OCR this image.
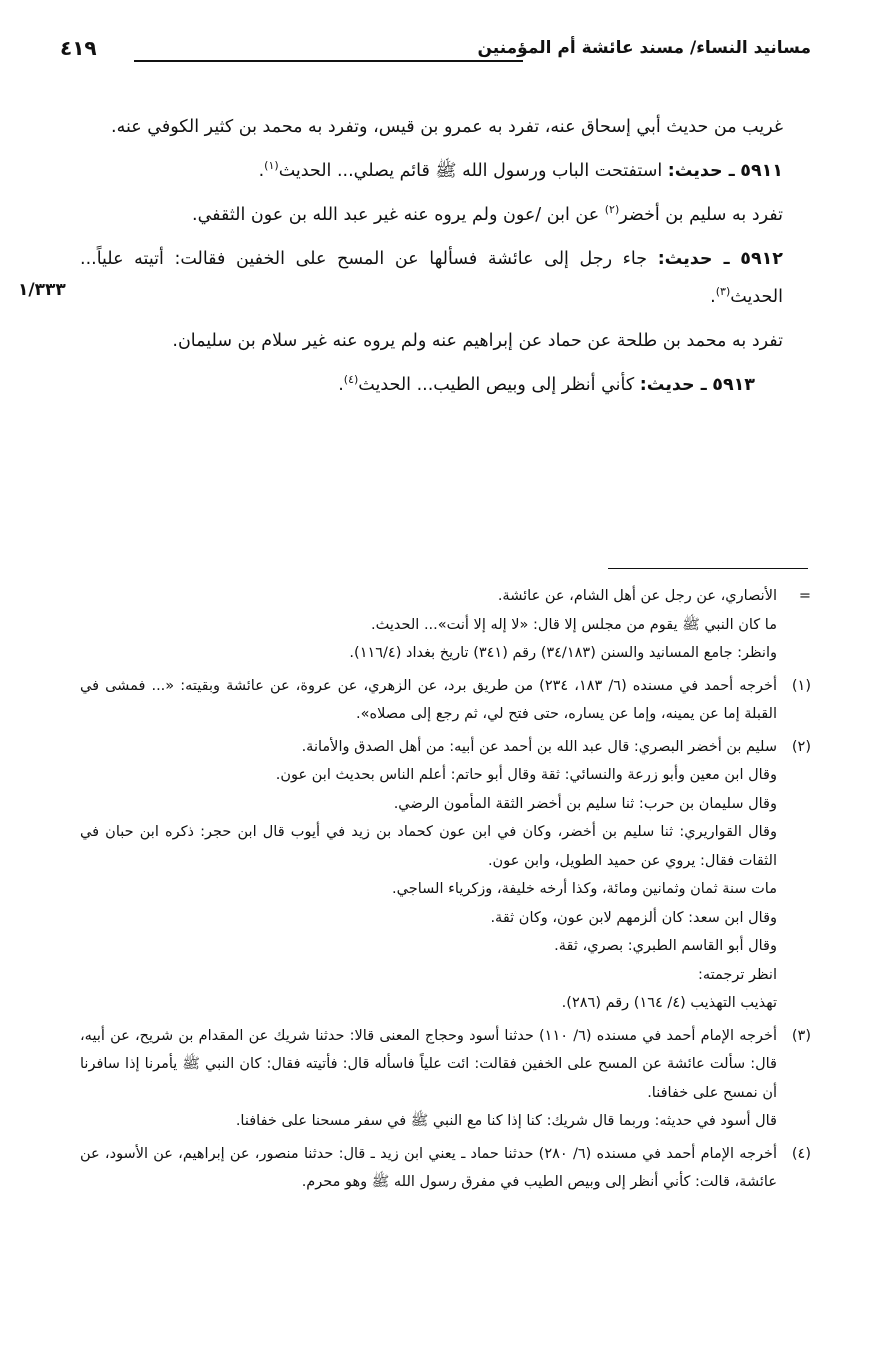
مسانيد النساء/ مسند عائشة أم المؤمنين
٤١٩
١/٣٣٣

غريب من حديث أبي إسحاق عنه، تفرد به عمرو بن قيس، وتفرد به محمد بن كثير الكوفي عنه.

٥٩١١ ـ حديث: استفتحت الباب ورسول الله ﷺ قائم يصلي... الحديث$^{(١)}$.

تفرد به سليم بن أخضر$^{(٢)}$ عن ابن /عون ولم يروه عنه غير عبد الله بن عون الثقفي.

٥٩١٢ ـ حديث: جاء رجل إلى عائشة فسألها عن المسح على الخفين فقالت: أتيته علياً... الحديث$^{(٣)}$.

تفرد به محمد بن طلحة عن حماد عن إبراهيم عنه ولم يروه عنه غير سلام بن سليمان.

٥٩١٣ ـ حديث: كأني أنظر إلى وبيص الطيب... الحديث$^{(٤)}$.

=

الأنصاري، عن رجل عن أهل الشام، عن عائشة.

ما كان النبي ﷺ يقوم من مجلس إلا قال: «لا إله إلا أنت»... الحديث.

وانظر: جامع المسانيد والسنن (٣٤/١٨٣) رقم (٣٤١) تاريخ بغداد (١١٦/٤).

(١)

أخرجه أحمد في مسنده (٦/ ١٨٣، ٢٣٤) من طريق برد، عن الزهري، عن عروة، عن عائشة وبقيته: «... فمشى في القبلة إما عن يمينه، وإما عن يساره، حتى فتح لي، ثم رجع إلى مصلاه».

(٢)

سليم بن أخضر البصري: قال عبد الله بن أحمد عن أبيه: من أهل الصدق والأمانة.

وقال ابن معين وأبو زرعة والنسائي: ثقة وقال أبو حاتم: أعلم الناس بحديث ابن عون.

وقال سليمان بن حرب: ثنا سليم بن أخضر الثقة المأمون الرضي.

وقال القواريري: ثنا سليم بن أخضر، وكان في ابن عون كحماد بن زيد في أيوب قال ابن حجر: ذكره ابن حبان في الثقات فقال: يروي عن حميد الطويل، وابن عون.

مات سنة ثمان وثمانين ومائة، وكذا أرخه خليفة، وزكرياء الساجي.

وقال ابن سعد: كان ألزمهم لابن عون، وكان ثقة.

وقال أبو القاسم الطبري: بصري، ثقة.

انظر ترجمته:

تهذيب التهذيب (٤/ ١٦٤) رقم (٢٨٦).

(٣)

أخرجه الإمام أحمد في مسنده (٦/ ١١٠) حدثنا أسود وحجاج المعنى قالا: حدثنا شريك عن المقدام بن شريح، عن أبيه، قال: سألت عائشة عن المسح على الخفين فقالت: ائت علياً فاسأله قال: فأتيته فقال: كان النبي ﷺ يأمرنا إذا سافرنا أن نمسح على خفافنا.

قال أسود في حديثه: وربما قال شريك: كنا إذا كنا مع النبي ﷺ في سفر مسحنا على خفافنا.

(٤)

أخرجه الإمام أحمد في مسنده (٦/ ٢٨٠) حدثنا حماد ـ يعني ابن زيد ـ قال: حدثنا منصور، عن إبراهيم، عن الأسود، عن عائشة، قالت: كأني أنظر إلى وبيص الطيب في مفرق رسول الله ﷺ وهو محرم.
